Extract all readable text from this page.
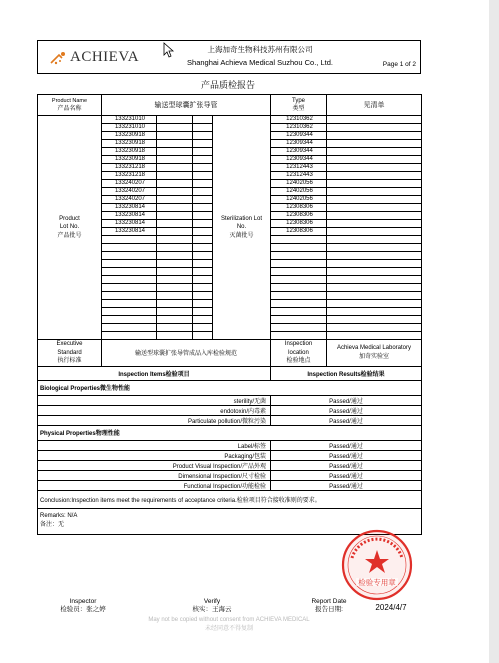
ACHIEVA	上海加奇生物科技苏州有限公司
Shanghai Achieva Medical Suzhou Co., Ltd.	Page 1 of 2
产品质检报告
Product Name
产品名称	输送型球囊扩张导管				Type
类型	见清单
Product
Lot No.
产品批号	133231010			Sterilization Lot
No.
灭菌批号	12310362	
	133231010				12310362	
	133230918				12309344	
	133230918				12309344	
	133230918				12309344	
	133230918				12309344	
	133231218				12312443	
	133231218				12312443	
	133240207				12402056	
	133240207				12402056	
	133240207				12402056	
	133230814				12308306	
	133230814				12308306	
	133230814				12308306	
	133230814				12308306	

Executive
Standard
执行标准	输送型球囊扩张导管成品入库检验规范				Inspection
location
检验地点	Achieva Medical Laboratory
加奇实验室
Inspection Items检验项目					Inspection Results检验结果	
Biological Properties微生物性能						
sterility/无菌					Passed/通过	
endotoxin/内毒素					Passed/通过	
Particulate pollution/微粒污染					Passed/通过	
Physical Properties物理性能						
Label/标签					Passed/通过	
Packaging/包装					Passed/通过	
Product Visual Inspection/产品外观					Passed/通过	
Dimensional Inspection/尺寸检验					Passed/通过	
Functional Inspection/功能检验					Passed/通过	
Conclusion:Inspection items meet the requirements of acceptance criteria.检验项目符合接收准则的要求。						
Remarks: N/A
备注：无						
检验专用章
Inspector
检验员：张之婷
Verify
核实：王海云
Report Date
报告日期:	2024/4/7
May not be copied without consent from ACHIEVA MEDICAL
未经同意不得复制
